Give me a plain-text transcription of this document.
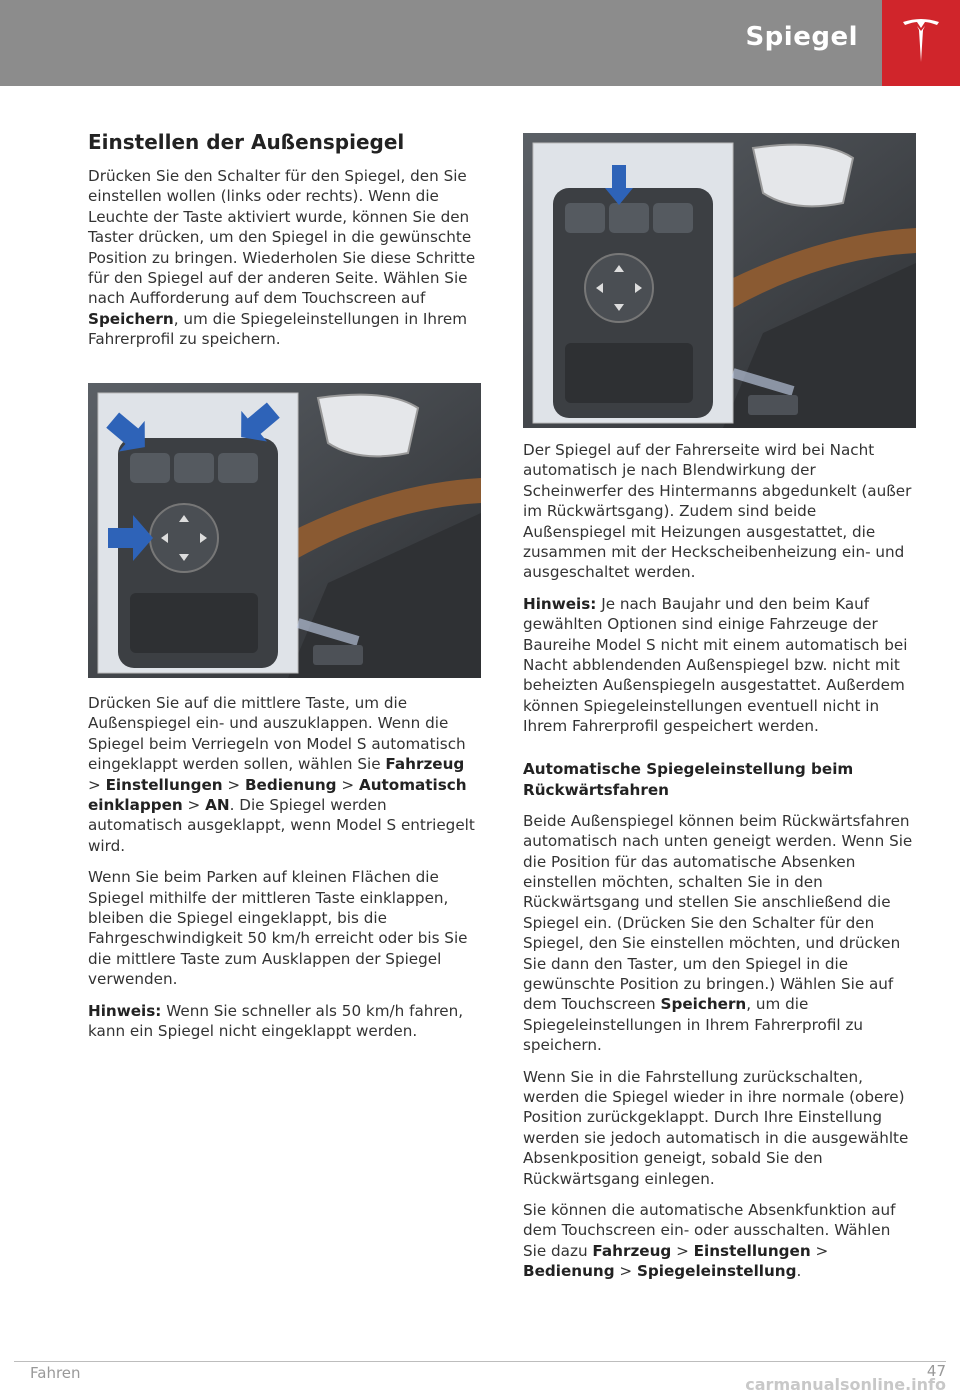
Spiegel
Einstellen der Außenspiegel

Drücken Sie den Schalter für den Spiegel, den Sie einstellen wollen (links oder rechts). Wenn die Leuchte der Taste aktiviert wurde, können Sie den Taster drücken, um den Spiegel in die gewünschte Position zu bringen. Wiederholen Sie diese Schritte für den Spiegel auf der anderen Seite. Wählen Sie nach Aufforderung auf dem Touchscreen auf Speichern, um die Spiegeleinstellungen in Ihrem Fahrerprofil zu speichern.

Drücken Sie auf die mittlere Taste, um die Außenspiegel ein- und auszuklappen. Wenn die Spiegel beim Verriegeln von Model S automatisch eingeklappt werden sollen, wählen Sie Fahrzeug > Einstellungen > Bedienung > Automatisch einklappen > AN. Die Spiegel werden automatisch ausgeklappt, wenn Model S entriegelt wird.

Wenn Sie beim Parken auf kleinen Flächen die Spiegel mithilfe der mittleren Taste einklappen, bleiben die Spiegel eingeklappt, bis die Fahrgeschwindigkeit 50 km/h erreicht oder bis Sie die mittlere Taste zum Ausklappen der Spiegel verwenden.

Hinweis: Wenn Sie schneller als 50 km/h fahren, kann ein Spiegel nicht eingeklappt werden.

Der Spiegel auf der Fahrerseite wird bei Nacht automatisch je nach Blendwirkung der Scheinwerfer des Hintermanns abgedunkelt (außer im Rückwärtsgang). Zudem sind beide Außenspiegel mit Heizungen ausgestattet, die zusammen mit der Heckscheibenheizung ein- und ausgeschaltet werden.

Hinweis: Je nach Baujahr und den beim Kauf gewählten Optionen sind einige Fahrzeuge der Baureihe Model S nicht mit einem automatisch bei Nacht abblendenden Außenspiegel bzw. nicht mit beheizten Außenspiegeln ausgestattet. Außerdem können Spiegeleinstellungen eventuell nicht in Ihrem Fahrerprofil gespeichert werden.

Automatische Spiegeleinstellung beim Rückwärtsfahren

Beide Außenspiegel können beim Rückwärtsfahren automatisch nach unten geneigt werden. Wenn Sie die Position für das automatische Absenken einstellen möchten, schalten Sie in den Rückwärtsgang und stellen Sie anschließend die Spiegel ein. (Drücken Sie den Schalter für den Spiegel, den Sie einstellen möchten, und drücken Sie dann den Taster, um den Spiegel in die gewünschte Position zu bringen.) Wählen Sie auf dem Touchscreen Speichern, um die Spiegeleinstellungen in Ihrem Fahrerprofil zu speichern.

Wenn Sie in die Fahrstellung zurückschalten, werden die Spiegel wieder in ihre normale (obere) Position zurückgeklappt. Durch Ihre Einstellung werden sie jedoch automatisch in die ausgewählte Absenkposition geneigt, sobald Sie den Rückwärtsgang einlegen.

Sie können die automatische Absenkfunktion auf dem Touchscreen ein- oder ausschalten. Wählen Sie dazu Fahrzeug > Einstellungen > Bedienung > Spiegeleinstellung.

Fahren	47
carmanualsonline.info
